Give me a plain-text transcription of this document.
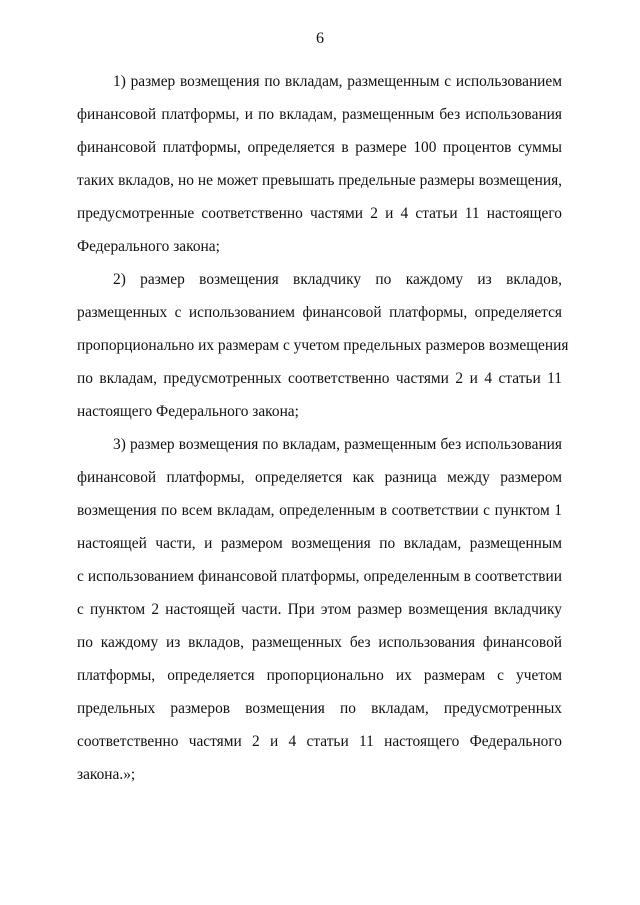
6
1) размер возмещения по вкладам, размещенным с использованием
финансовой платформы, и по вкладам, размещенным без использования
финансовой платформы, определяется в размере 100 процентов суммы
таких вкладов, но не может превышать предельные размеры возмещения,
предусмотренные соответственно частями 2 и 4 статьи 11 настоящего
Федерального закона;
2) размер возмещения вкладчику по каждому из вкладов,
размещенных с использованием финансовой платформы, определяется
пропорционально их размерам с учетом предельных размеров возмещения
по вкладам, предусмотренных соответственно частями 2 и 4 статьи 11
настоящего Федерального закона;
3) размер возмещения по вкладам, размещенным без использования
финансовой платформы, определяется как разница между размером
возмещения по всем вкладам, определенным в соответствии с пунктом 1
настоящей части, и размером возмещения по вкладам, размещенным
с использованием финансовой платформы, определенным в соответствии
с пунктом 2 настоящей части. При этом размер возмещения вкладчику
по каждому из вкладов, размещенных без использования финансовой
платформы, определяется пропорционально их размерам с учетом
предельных размеров возмещения по вкладам, предусмотренных
соответственно частями 2 и 4 статьи 11 настоящего Федерального
закона.»;
